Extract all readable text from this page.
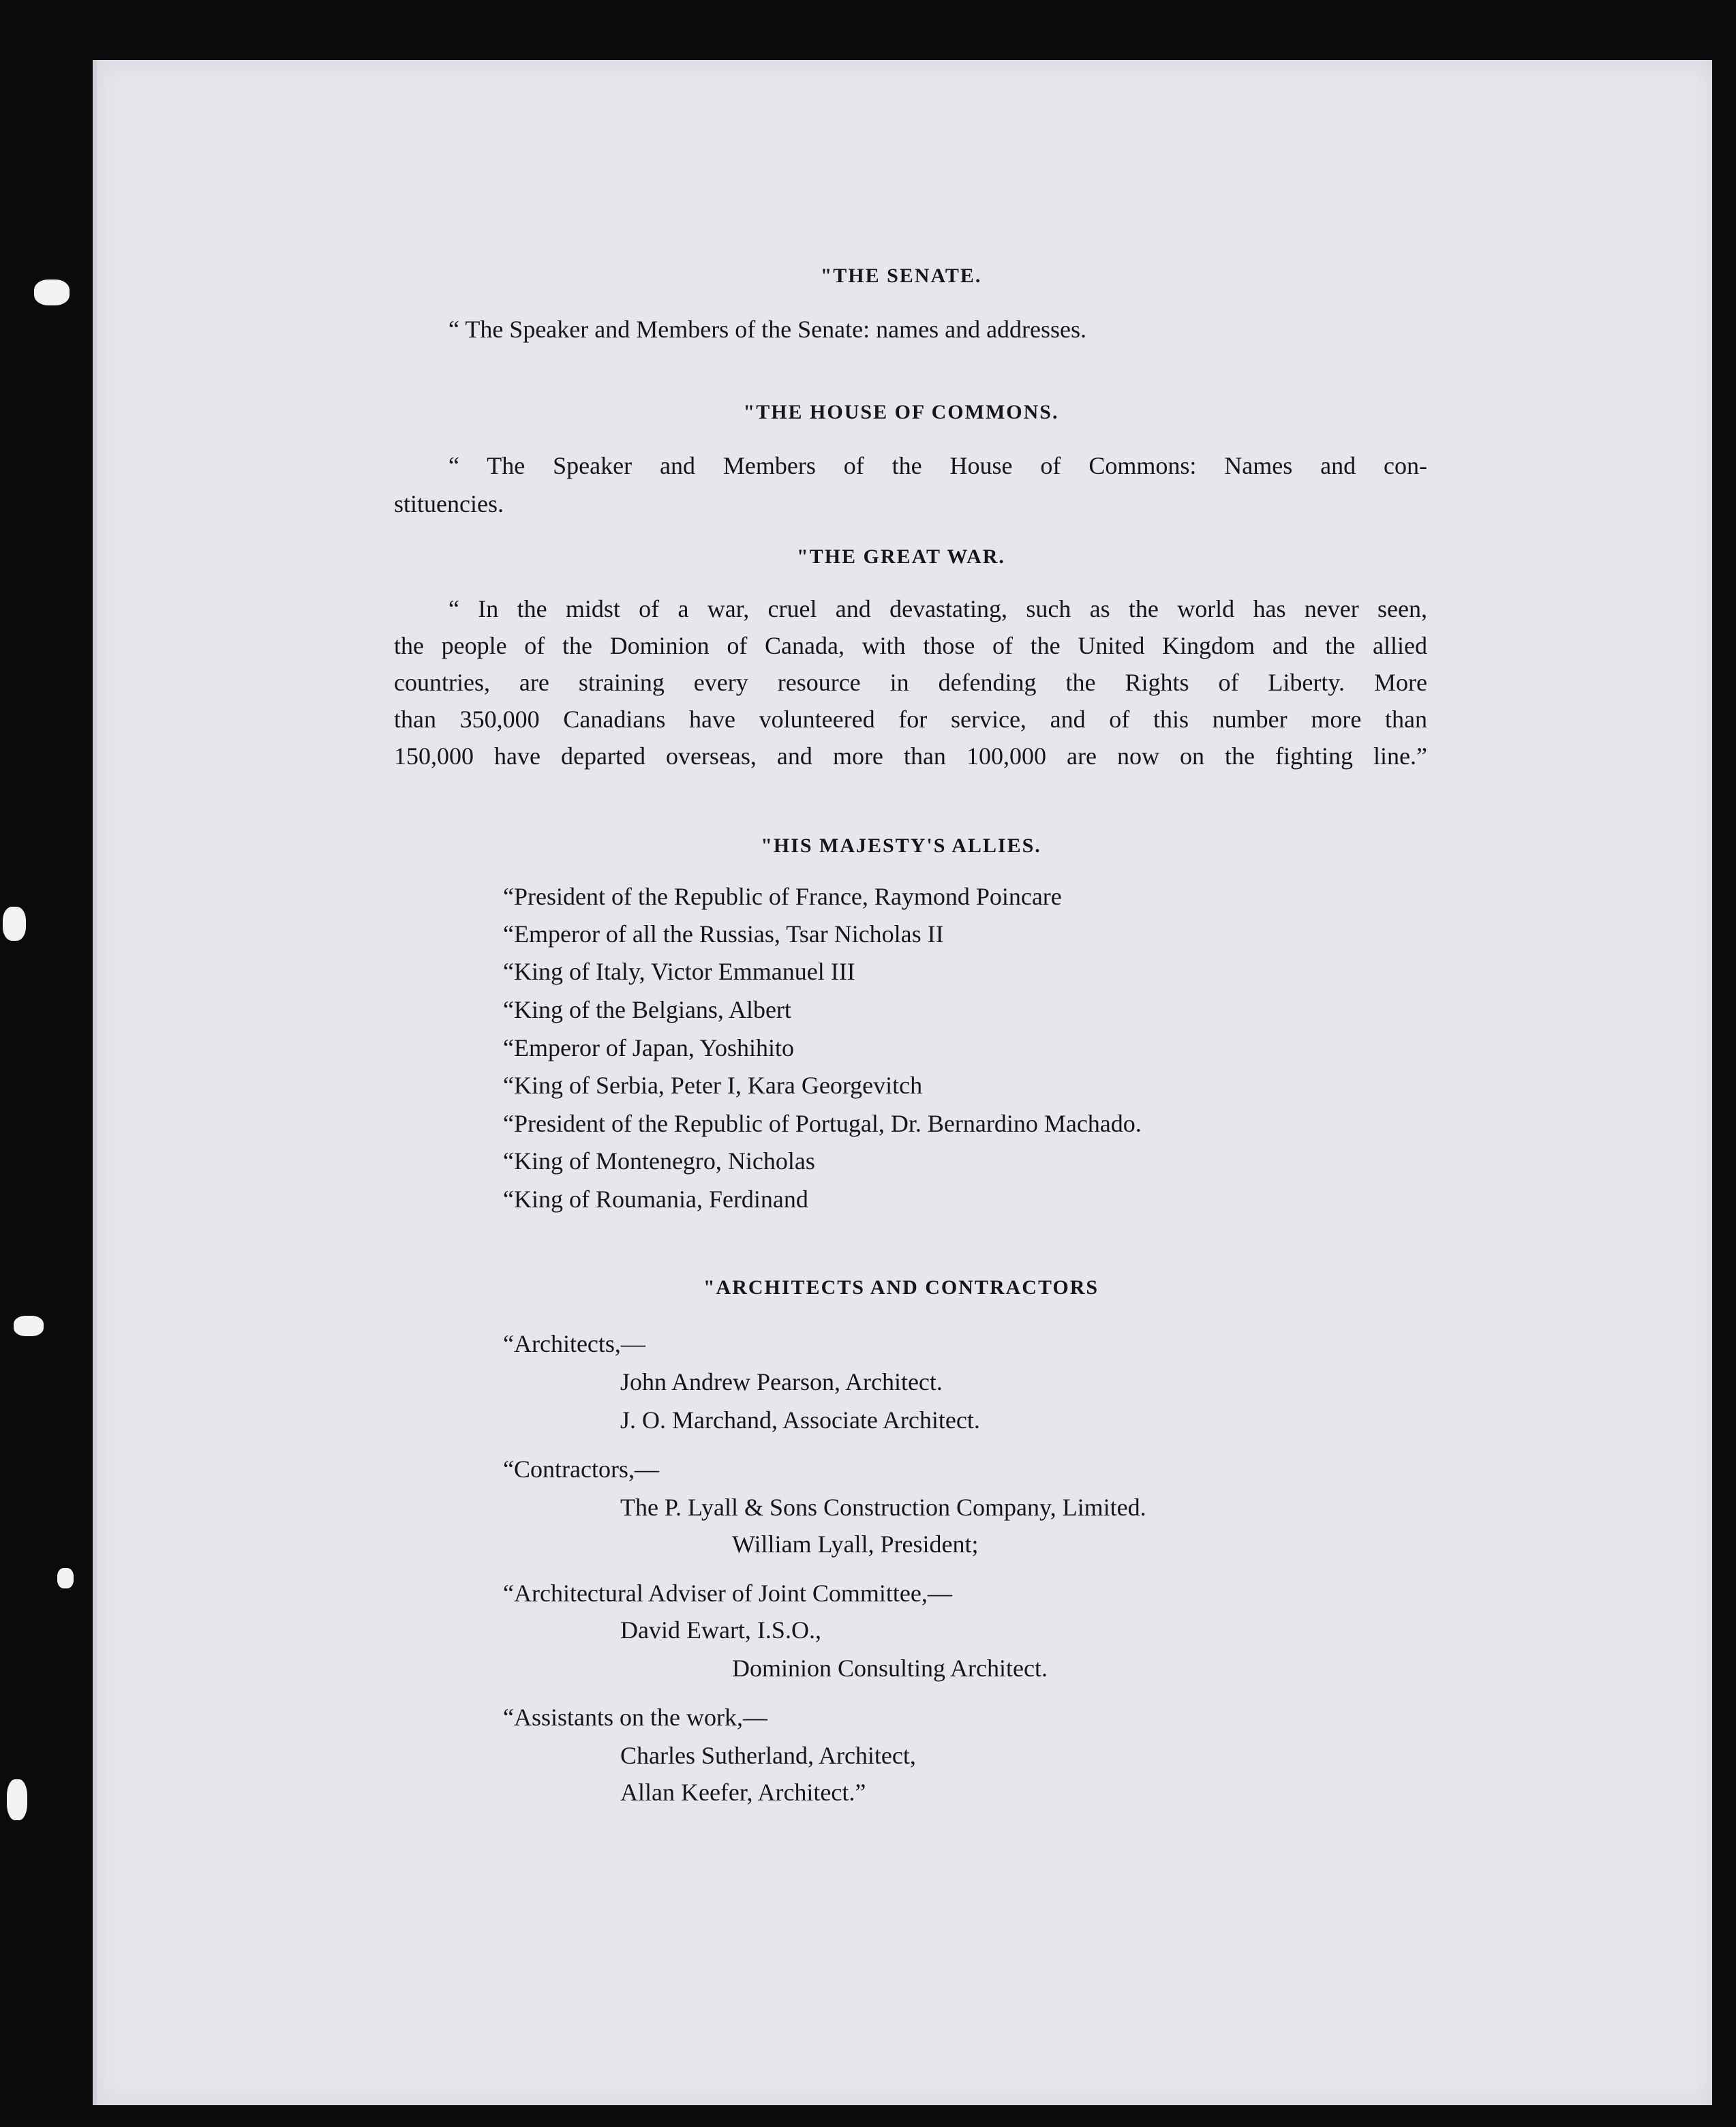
"THE SENATE.
“ The Speaker and Members of the Senate: names and addresses.
"THE HOUSE OF COMMONS.
“ The Speaker and Members of the House of Commons: Names and con-
stituencies.
"THE GREAT WAR.
“ In the midst of a war, cruel and devastating, such as the world has never seen,
the people of the Dominion of Canada, with those of the United Kingdom and the allied
countries, are straining every resource in defending the Rights of Liberty. More
than 350,000 Canadians have volunteered for service, and of this number more than
150,000 have departed overseas, and more than 100,000 are now on the fighting line.”
"HIS MAJESTY'S ALLIES.
“President of the Republic of France, Raymond Poincare
“Emperor of all the Russias, Tsar Nicholas II
“King of Italy, Victor Emmanuel III
“King of the Belgians, Albert
“Emperor of Japan, Yoshihito
“King of Serbia, Peter I, Kara Georgevitch
“President of the Republic of Portugal, Dr. Bernardino Machado.
“King of Montenegro, Nicholas
“King of Roumania, Ferdinand
"ARCHITECTS AND CONTRACTORS
“Architects,—
John Andrew Pearson, Architect.
J. O. Marchand, Associate Architect.
“Contractors,—
The P. Lyall & Sons Construction Company, Limited.
William Lyall, President;
“Architectural Adviser of Joint Committee,—
David Ewart, I.S.O.,
Dominion Consulting Architect.
“Assistants on the work,—
Charles Sutherland, Architect,
Allan Keefer, Architect.”
